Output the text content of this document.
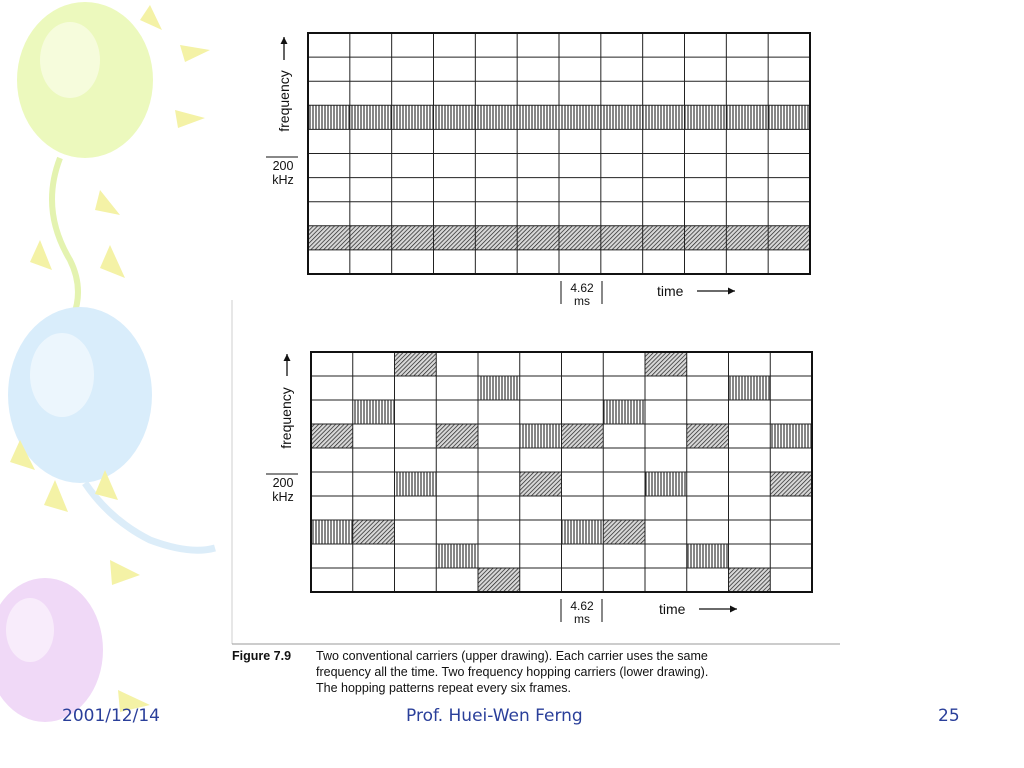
frequency
200
kHz
4.62
ms
time
frequency
200
kHz
4.62
ms
time
Figure 7.9 Two conventional carriers (upper drawing). Each carrier uses the same
frequency all the time. Two frequency hopping carriers (lower drawing).
The hopping patterns repeat every six frames.
2001/12/14	Prof. Huei-Wen Ferng	25
